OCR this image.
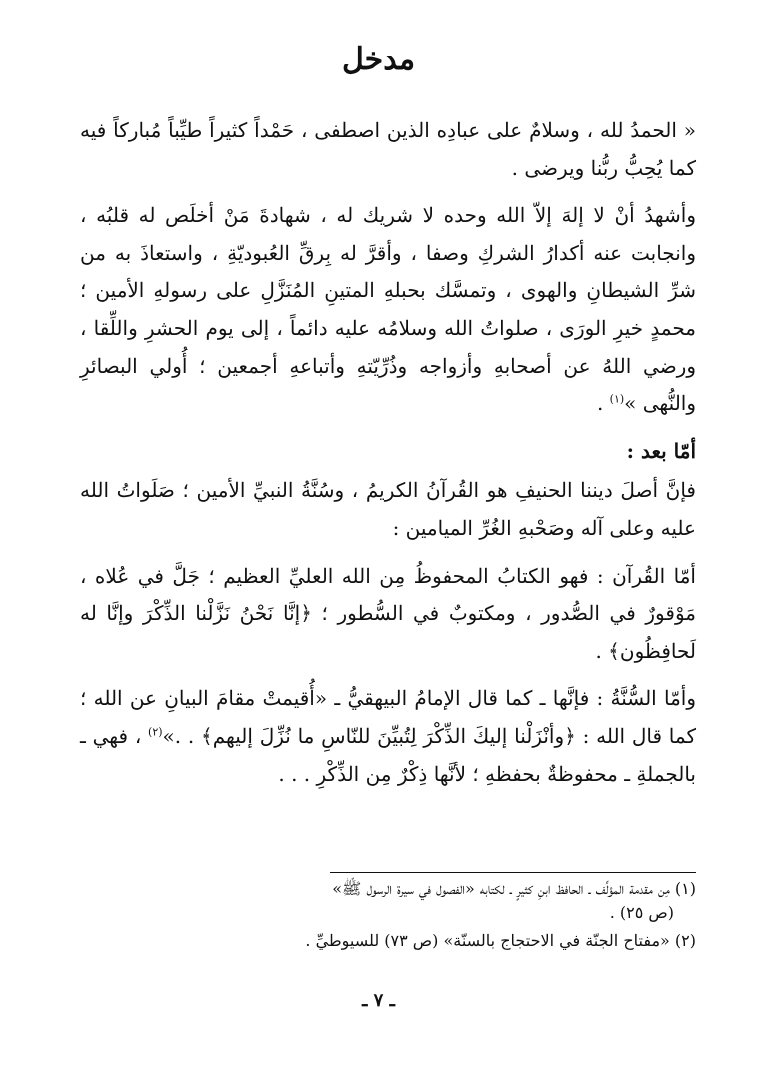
مدخل

« الحمدُ لله ، وسلامٌ على عبادِه الذين اصطفى ، حَمْداً كثيراً طيِّباً مُباركاً فيه كما يُحِبُّ ربُّنا ويرضى .

وأشهدُ أنْ لا إلهَ إلاّ الله وحده لا شريك له ، شهادةَ مَنْ أخلَص له قلبُه ، وانجابت عنه أكدارُ الشركِ وصفا ، وأقرَّ له بِرقِّ العُبوديّةِ ، واستعاذَ به من شرِّ الشيطانِ والهوى ، وتمسَّك بحبلهِ المتينِ المُنَزَّلِ على رسولهِ الأمين ؛ محمدٍ خيرِ الورَى ، صلواتُ الله وسلامُه عليه دائماً ، إلى يوم الحشرِ واللِّقا ، ورضي اللهُ عن أصحابهِ وأزواجه وذُرِّيّتهِ وأتباعهِ أجمعين ؛ أُولي البصائرِ والنُّهى »$^{(١)}$ .

أمّا بعد :

فإنَّ أصلَ ديننا الحنيفِ هو القُرآنُ الكريمُ ، وسُنَّةُ النبيِّ الأمين ؛ صَلَواتُ الله عليه وعلى آله وصَحْبهِ الغُرِّ الميامين :

أمّا القُرآن : فهو الكتابُ المحفوظُ مِن الله العليِّ العظيم ؛ جَلَّ في عُلاه ، مَوْقورٌ في الصُّدور ، ومكتوبٌ في السُّطور ؛ ﴿إنَّا نَحْنُ نَزَّلْنا الذِّكْرَ وإنَّا له لَحافِظُون﴾ .

وأمّا السُّنَّةُ : فإنَّها ـ كما قال الإمامُ البيهقيُّ ـ «أُقيمتْ مقامَ البيانِ عن الله ؛ كما قال الله : ﴿وأنْزَلْنا إليكَ الذِّكْرَ لِتُبيِّنَ للنّاسِ ما نُزِّلَ إليهم﴾ . .»$^{(٢)}$ ، فهي ـ بالجملةِ ـ محفوظةٌ بحفظهِ ؛ لأنَّها ذِكْرٌ مِن الذِّكْرِ . . .

(١) مِن مقدمة المؤلِّف ـ الحافظ ابنِ كثيرٍ ـ لكتابه «الفصول في سيرة الرسول ﷺ»
(ص ٢٥) .

(٢) «مفتاح الجنّة في الاحتجاج بالسنّة» (ص ٧٣) للسيوطيِّ .

ـ ٧ ـ
